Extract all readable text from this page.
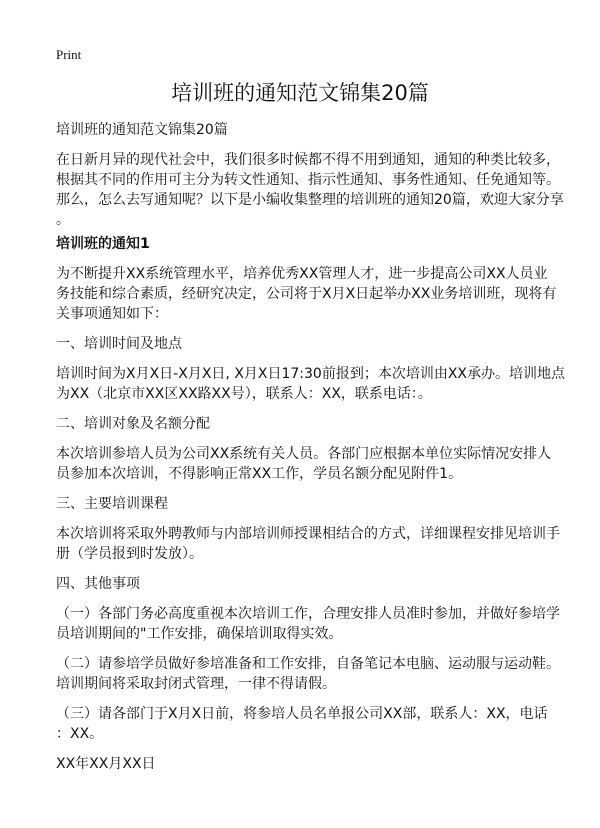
Print
培训班的通知范文锦集20篇
培训班的通知范文锦集20篇
在日新月异的现代社会中，我们很多时候都不得不用到通知，通知的种类比较多，
根据其不同的作用可主分为转文性通知、指示性通知、事务性通知、任免通知等。
那么，怎么去写通知呢？以下是小编收集整理的培训班的通知20篇，欢迎大家分享
。
培训班的通知1
为不断提升XX系统管理水平，培养优秀XX管理人才，进一步提高公司XX人员业
务技能和综合素质，经研究决定，公司将于X月X日起举办XX业务培训班，现将有
关事项通知如下：
一、培训时间及地点
培训时间为X月X日-X月X日, X月X日17:30前报到；本次培训由XX承办。培训地点
为XX（北京市XX区XX路XX号），联系人：XX，联系电话：。
二、培训对象及名额分配
本次培训参培人员为公司XX系统有关人员。各部门应根据本单位实际情况安排人
员参加本次培训，不得影响正常XX工作，学员名额分配见附件1。
三、主要培训课程
本次培训将采取外聘教师与内部培训师授课相结合的方式，详细课程安排见培训手
册（学员报到时发放）。
四、其他事项
（一）各部门务必高度重视本次培训工作，合理安排人员准时参加，并做好参培学
员培训期间的"工作安排，确保培训取得实效。
（二）请参培学员做好参培准备和工作安排，自备笔记本电脑、运动服与运动鞋。
培训期间将采取封闭式管理，一律不得请假。
（三）请各部门于X月X日前，将参培人员名单报公司XX部，联系人：XX，电话
：XX。
XX年XX月XX日
